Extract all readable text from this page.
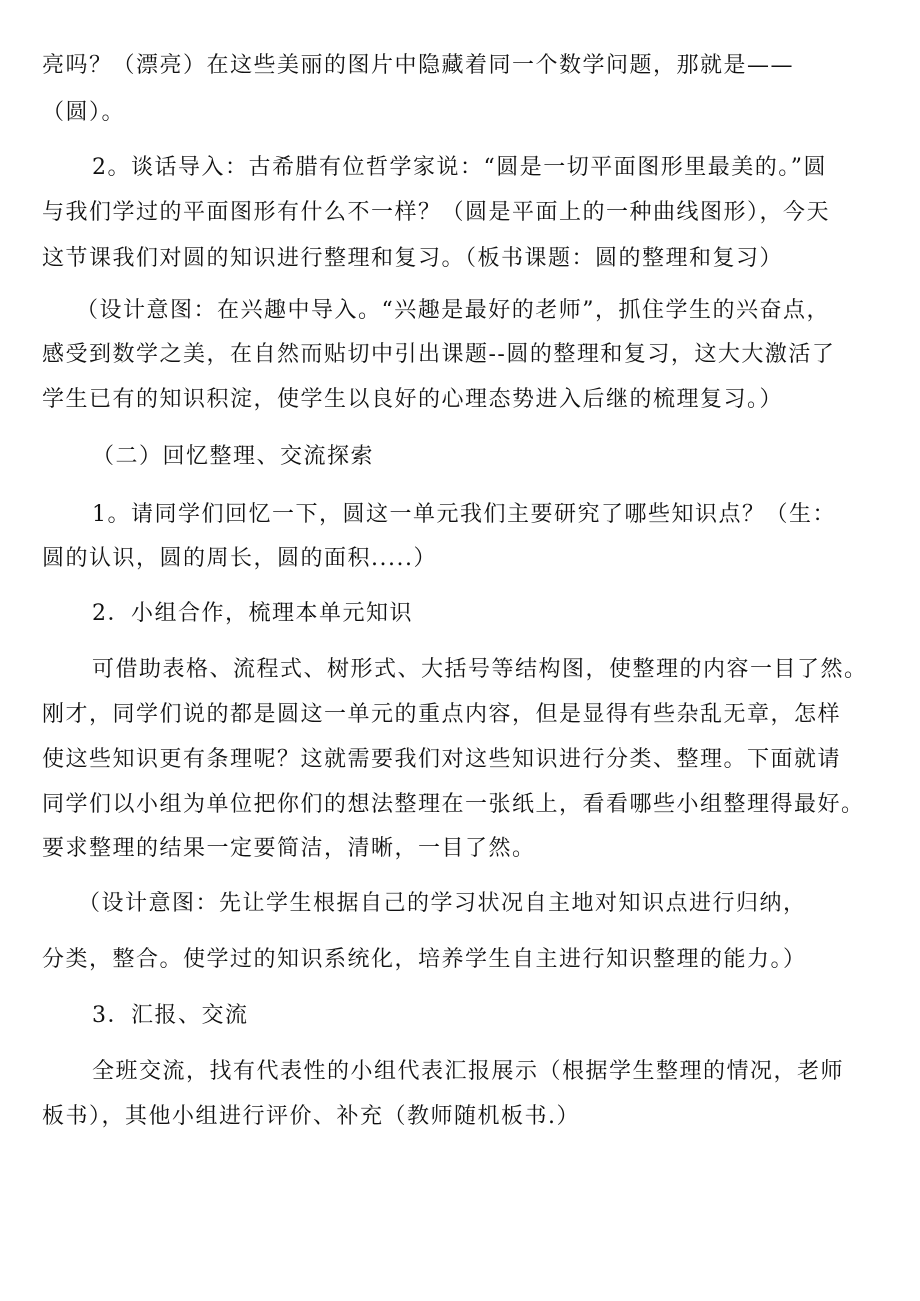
亮吗？（漂亮）在这些美丽的图片中隐藏着同一个数学问题，那就是——
（圆）。
2。谈话导入：古希腊有位哲学家说：“圆是一切平面图形里最美的。”圆
与我们学过的平面图形有什么不一样？（圆是平面上的一种曲线图形），今天
这节课我们对圆的知识进行整理和复习。（板书课题：圆的整理和复习）
（设计意图：在兴趣中导入。“兴趣是最好的老师”，抓住学生的兴奋点，
感受到数学之美，在自然而贴切中引出课题--圆的整理和复习，这大大激活了
学生已有的知识积淀，使学生以良好的心理态势进入后继的梳理复习。）
（二）回忆整理、交流探索
1。请同学们回忆一下，圆这一单元我们主要研究了哪些知识点？（生：
圆的认识，圆的周长，圆的面积.....）
2．小组合作，梳理本单元知识
可借助表格、流程式、树形式、大括号等结构图，使整理的内容一目了然。
刚才，同学们说的都是圆这一单元的重点内容，但是显得有些杂乱无章，怎样
使这些知识更有条理呢？这就需要我们对这些知识进行分类、整理。下面就请
同学们以小组为单位把你们的想法整理在一张纸上，看看哪些小组整理得最好。
要求整理的结果一定要简洁，清晰，一目了然。
（设计意图：先让学生根据自己的学习状况自主地对知识点进行归纳，
分类，整合。使学过的知识系统化，培养学生自主进行知识整理的能力。）
3．汇报、交流
全班交流，找有代表性的小组代表汇报展示（根据学生整理的情况，老师
板书），其他小组进行评价、补充（教师随机板书.）
